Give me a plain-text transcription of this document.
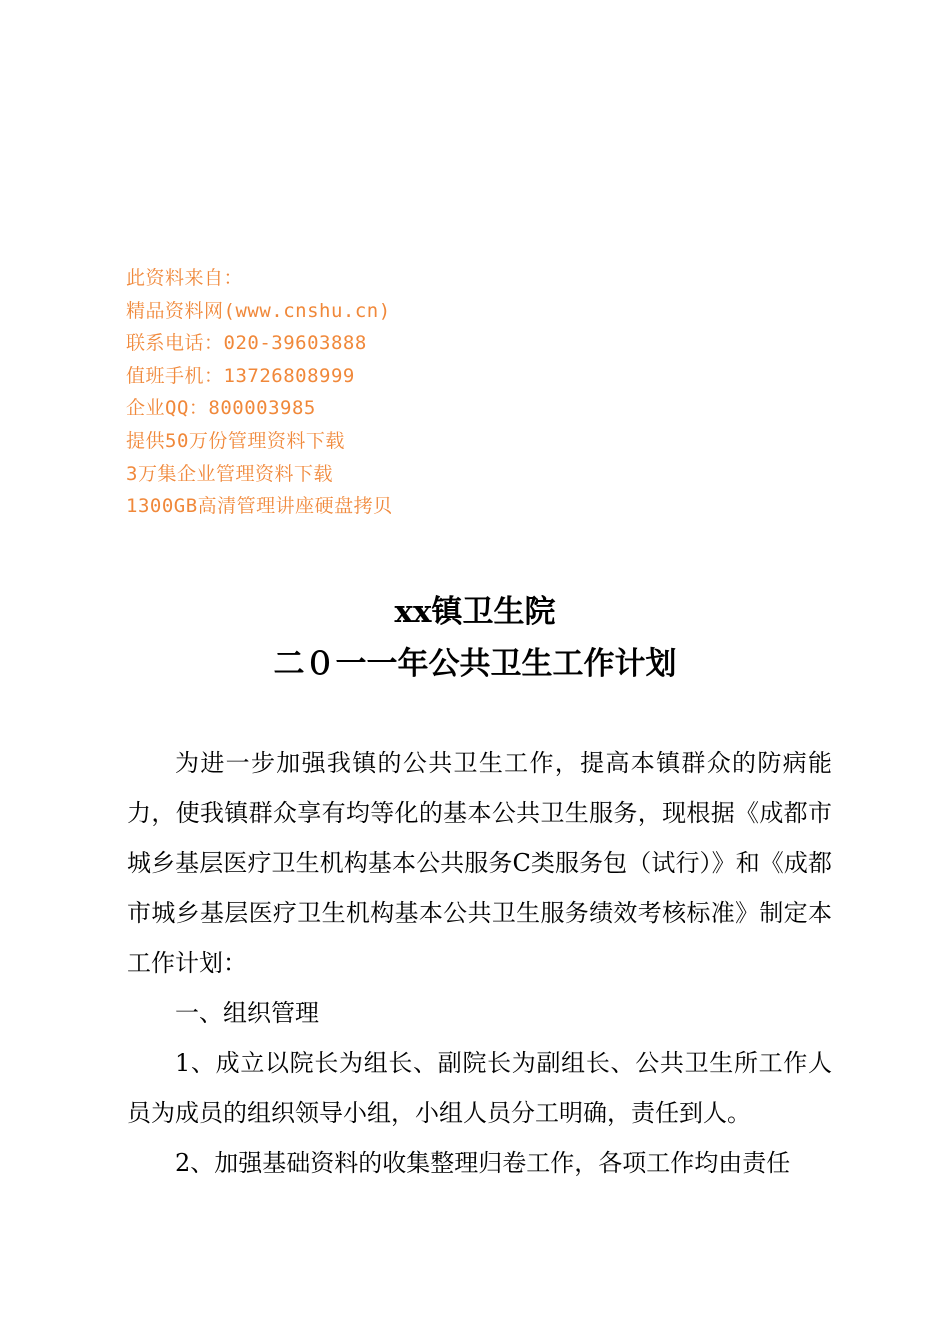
此资料来自：
精品资料网(www.cnshu.cn)
联系电话：020-39603888
值班手机：13726808999
企业QQ：800003985
提供50万份管理资料下载
3万集企业管理资料下载
1300GB高清管理讲座硬盘拷贝
xx镇卫生院
二０一一年公共卫生工作计划

为进一步加强我镇的公共卫生工作，提高本镇群众的防病能力，使我镇群众享有均等化的基本公共卫生服务，现根据《成都市城乡基层医疗卫生机构基本公共服务C类服务包（试行）》和《成都市城乡基层医疗卫生机构基本公共卫生服务绩效考核标准》制定本工作计划：

一、组织管理

1、成立以院长为组长、副院长为副组长、公共卫生所工作人员为成员的组织领导小组，小组人员分工明确，责任到人。

2、加强基础资料的收集整理归卷工作，各项工作均由责任
